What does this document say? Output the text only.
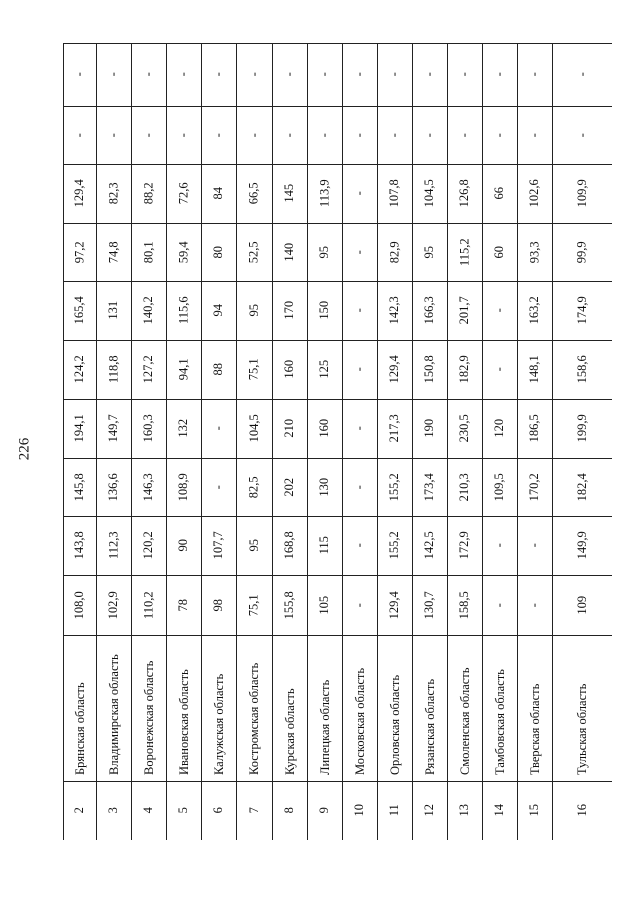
226
-
-
129,4
97,2
165,4
124,2
194,1
145,8
143,8
108,0
Брянская область
2
-
-
82,3
74,8
131
118,8
149,7
136,6
112,3
102,9
Владимирская область
3
-
-
88,2
80,1
140,2
127,2
160,3
146,3
120,2
110,2
Воронежская область
4
-
-
72,6
59,4
115,6
94,1
132
108,9
90
78
Ивановская область
5
-
-
84
80
94
88
-
-
107,7
98
Калужская область
6
-
-
66,5
52,5
95
75,1
104,5
82,5
95
75,1
Костромская область
7
-
-
145
140
170
160
210
202
168,8
155,8
Курская область
8
-
-
113,9
95
150
125
160
130
115
105
Липецкая область
9
-
-
-
-
-
-
-
-
-
-
Московская область
10
-
-
107,8
82,9
142,3
129,4
217,3
155,2
155,2
129,4
Орловская область
11
-
-
104,5
95
166,3
150,8
190
173,4
142,5
130,7
Рязанская область
12
-
-
126,8
115,2
201,7
182,9
230,5
210,3
172,9
158,5
Смоленская область
13
-
-
66
60
-
-
120
109,5
-
-
Тамбовская область
14
-
-
102,6
93,3
163,2
148,1
186,5
170,2
-
-
Тверская область
15
-
-
109,9
99,9
174,9
158,6
199,9
182,4
149,9
109
Тульская область
16
